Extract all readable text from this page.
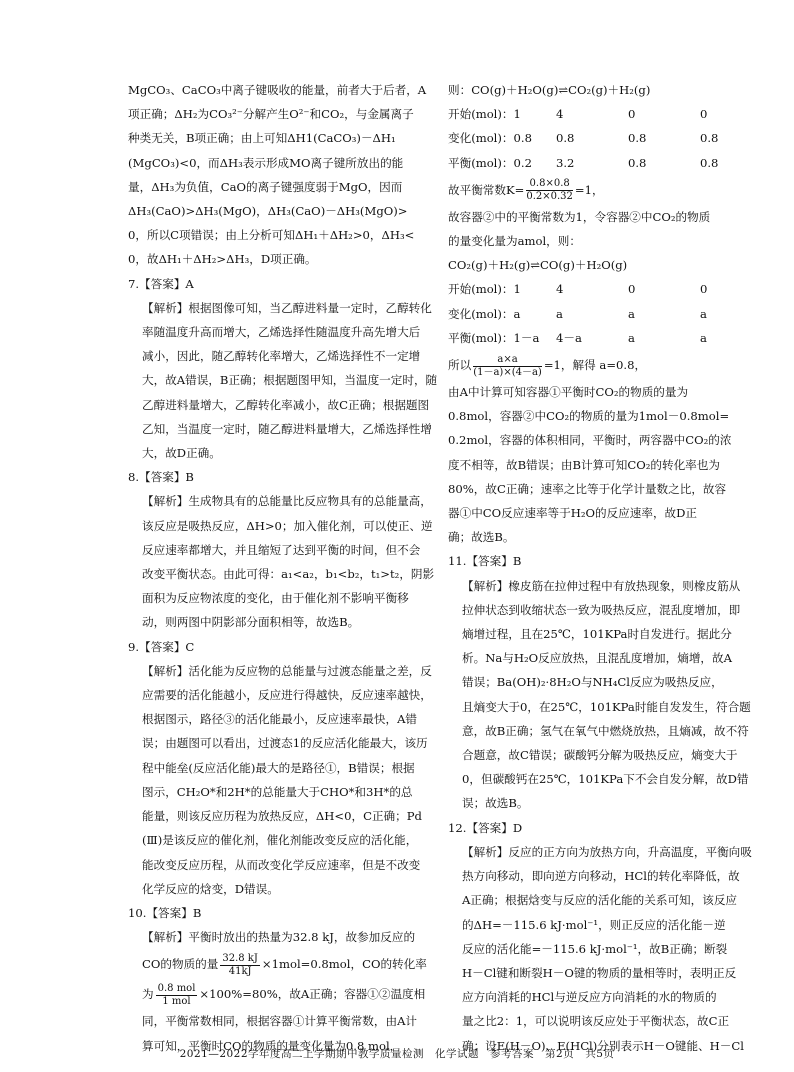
MgCO₃、CaCO₃中离子键吸收的能量，前者大于后者，A

项正确；ΔH₂为CO₃²⁻分解产生O²⁻和CO₂，与金属离子

种类无关，B项正确；由上可知ΔH1(CaCO₃)－ΔH₁

(MgCO₃)<0，而ΔH₃表示形成MO离子键所放出的能

量，ΔH₃为负值，CaO的离子键强度弱于MgO，因而

ΔH₃(CaO)>ΔH₃(MgO)，ΔH₃(CaO)－ΔH₃(MgO)>

0，所以C项错误；由上分析可知ΔH₁＋ΔH₂>0，ΔH₃<

0，故ΔH₁＋ΔH₂>ΔH₃，D项正确。

7.【答案】A

【解析】根据图像可知，当乙醇进料量一定时，乙醇转化

率随温度升高而增大，乙烯选择性随温度升高先增大后

减小，因此，随乙醇转化率增大，乙烯选择性不一定增

大，故A错误，B正确；根据题图甲知，当温度一定时，随

乙醇进料量增大，乙醇转化率减小，故C正确；根据题图

乙知，当温度一定时，随乙醇进料量增大，乙烯选择性增

大，故D正确。

8.【答案】B

【解析】生成物具有的总能量比反应物具有的总能量高，

该反应是吸热反应，ΔH>0；加入催化剂，可以使正、逆

反应速率都增大，并且缩短了达到平衡的时间，但不会

改变平衡状态。由此可得：a₁<a₂，b₁<b₂，t₁>t₂，阴影

面积为反应物浓度的变化，由于催化剂不影响平衡移

动，则两图中阴影部分面积相等，故选B。

9.【答案】C

【解析】活化能为反应物的总能量与过渡态能量之差，反

应需要的活化能越小，反应进行得越快，反应速率越快，

根据图示，路径③的活化能最小，反应速率最快，A错

误；由题图可以看出，过渡态1的反应活化能最大，该历

程中能垒(反应活化能)最大的是路径①，B错误；根据

图示，CH₂O*和2H*的总能量大于CHO*和3H*的总

能量，则该反应历程为放热反应，ΔH<0，C正确；Pd

(Ⅲ)是该反应的催化剂，催化剂能改变反应的活化能，

能改变反应历程，从而改变化学反应速率，但是不改变

化学反应的焓变，D错误。

10.【答案】B

【解析】平衡时放出的热量为32.8 kJ，故参加反应的

CO的物质的量 $\frac{32.8 kJ}{41kJ} \times 1mol=0.8mol$，CO的转化率

为 $\frac{\text{0.8 mol}}{\text{1 mol}} \times 100\%=80\%$，故A正确；容器①②温度相

同，平衡常数相同，根据容器①计算平衡常数，由A计

算可知，平衡时CO的物质的量变化量为0.8 mol，

则：CO(g)＋H₂O(g)⇌CO₂(g)＋H₂(g)

开始(mol)：1	4	0	0

变化(mol)：0.8	0.8	0.8	0.8

平衡(mol)：0.2	3.2	0.8	0.8

故平衡常数$K= \frac{0.8\times 0.8}{0.2\times 0.32} =1$，

故容器②中的平衡常数为1，令容器②中CO₂的物质

的量变化量为amol，则：

CO₂(g)＋H₂(g)⇌CO(g)＋H₂O(g)

开始(mol)：1	4	0	0

变化(mol)：a	a	a	a

平衡(mol)：1－a	4－a	a	a

所以 $\frac{a\times a}{(1-a)\times(4-a)} =1$，解得 a=0.8，

由A中计算可知容器①平衡时CO₂的物质的量为

0.8mol，容器②中CO₂的物质的量为1mol－0.8mol=

0.2mol，容器的体积相同，平衡时，两容器中CO₂的浓

度不相等，故B错误；由B计算可知CO₂的转化率也为

80%，故C正确；速率之比等于化学计量数之比，故容

器①中CO反应速率等于H₂O的反应速率，故D正

确；故选B。

11.【答案】B

【解析】橡皮筋在拉伸过程中有放热现象，则橡皮筋从

拉伸状态到收缩状态一致为吸热反应，混乱度增加，即

熵增过程，且在25℃，101KPa时自发进行。据此分

析。Na与H₂O反应放热，且混乱度增加，熵增，故A

错误；Ba(OH)₂·8H₂O与NH₄Cl反应为吸热反应，

且熵变大于0，在25℃，101KPa时能自发发生，符合题

意，故B正确；氢气在氧气中燃烧放热，且熵减，故不符

合题意，故C错误；碳酸钙分解为吸热反应，熵变大于

0，但碳酸钙在25℃，101KPa下不会自发分解，故D错

误；故选B。

12.【答案】D

【解析】反应的正方向为放热方向，升高温度，平衡向吸

热方向移动，即向逆方向移动，HCl的转化率降低，故

A正确；根据焓变与反应的活化能的关系可知，该反应

的ΔH=－115.6 kJ·mol⁻¹，则正反应的活化能－逆

反应的活化能=－115.6 kJ·mol⁻¹，故B正确；断裂

H－Cl键和断裂H－O键的物质的量相等时，表明正反

应方向消耗的HCl与逆反应方向消耗的水的物质的

量之比2：1，可以说明该反应处于平衡状态，故C正

确；设E(H－O)、E(HCl)分别表示H－O键能、H－Cl

2021—2022学年度高二上学期期中教学质量检测　化学试题　参考答案　第2页　共5页
